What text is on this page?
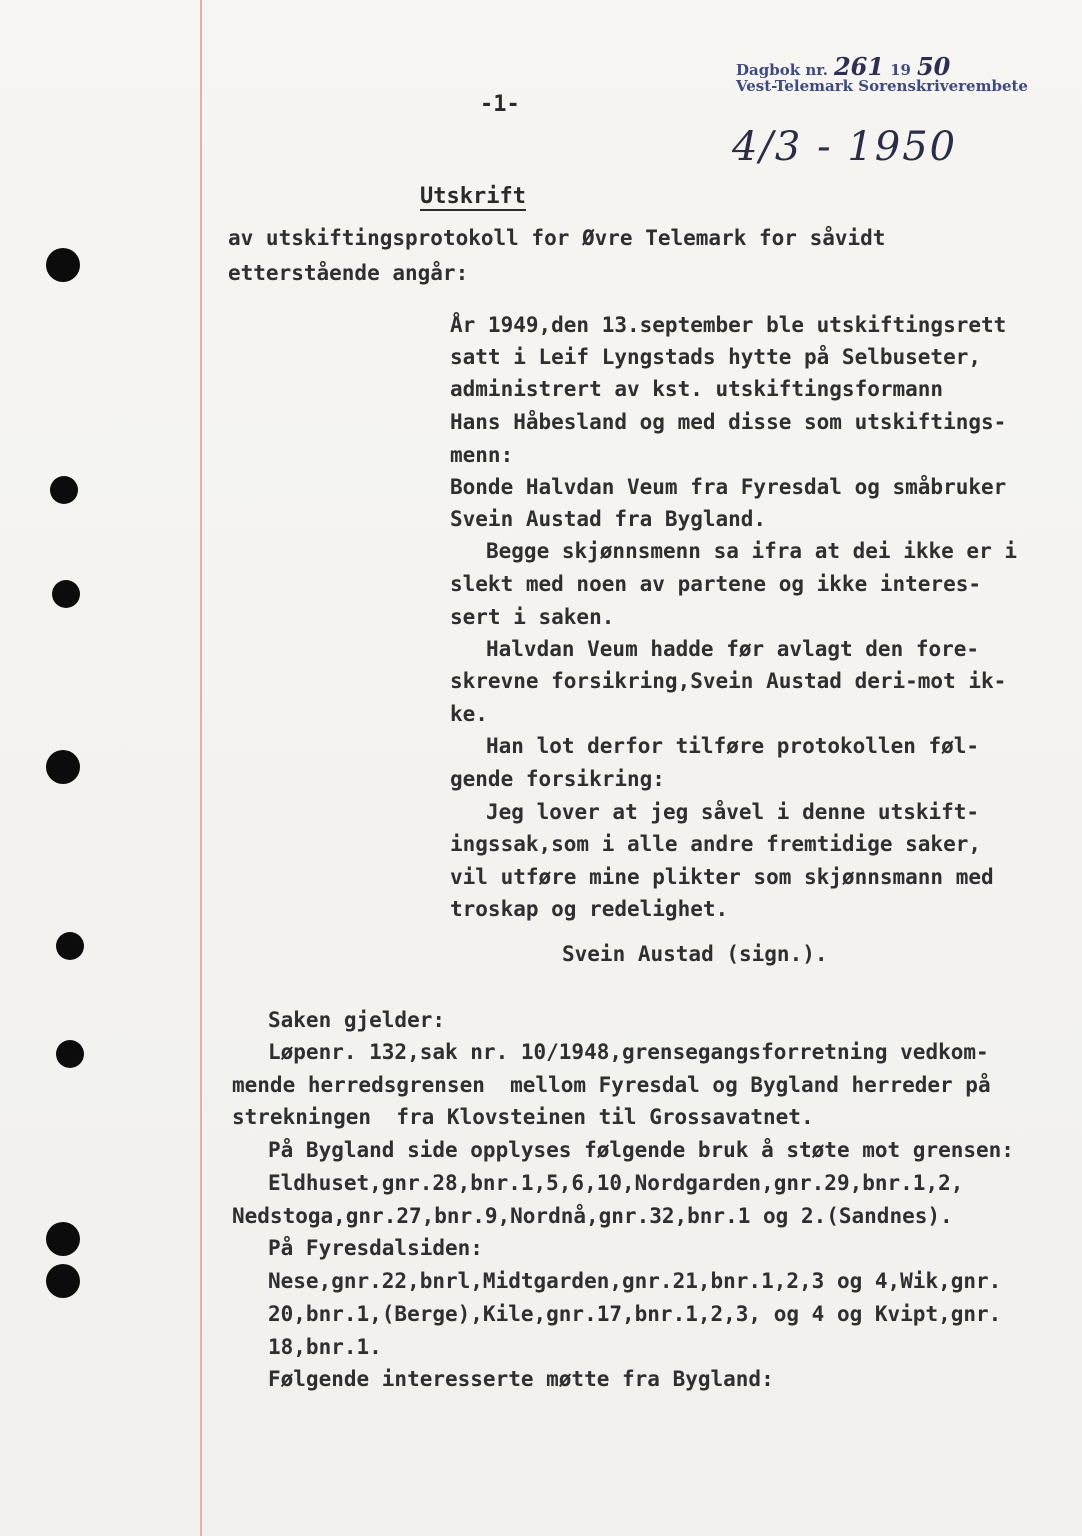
Dagbok nr. 261 19 50
Vest-Telemark Sorenskriverembete
4/3 - 1950
-1-
Utskrift
av utskiftingsprotokoll for Øvre Telemark for såvidt
etterstående angår:
År 1949,den 13.september ble utskiftingsrett
satt i Leif Lyngstads hytte på Selbuseter,
administrert av kst. utskiftingsformann
Hans Håbesland og med disse som utskiftings-
menn:
Bonde Halvdan Veum fra Fyresdal og småbruker
Svein Austad fra Bygland.
Begge skjønnsmenn sa ifra at dei ikke er i
slekt med noen av partene og ikke interes-
sert i saken.
Halvdan Veum hadde før avlagt den fore-
skrevne forsikring,Svein Austad deri-mot ik-
ke.
Han lot derfor tilføre protokollen føl-
gende forsikring:
Jeg lover at jeg såvel i denne utskift-
ingssak,som i alle andre fremtidige saker,
vil utføre mine plikter som skjønnsmann med
troskap og redelighet.
Svein Austad (sign.).
Saken gjelder:
Løpenr. 132,sak nr. 10/1948,grensegangsforretning vedkom-
mende herredsgrensen  mellom Fyresdal og Bygland herreder på
strekningen  fra Klovsteinen til Grossavatnet.
På Bygland side opplyses følgende bruk å støte mot grensen:
Eldhuset,gnr.28,bnr.1,5,6,10,Nordgarden,gnr.29,bnr.1,2,
Nedstoga,gnr.27,bnr.9,Nordnå,gnr.32,bnr.1 og 2.(Sandnes).
På Fyresdalsiden:
Nese,gnr.22,bnrl,Midtgarden,gnr.21,bnr.1,2,3 og 4,Wik,gnr.
20,bnr.1,(Berge),Kile,gnr.17,bnr.1,2,3, og 4 og Kvipt,gnr.
18,bnr.1.
Følgende interesserte møtte fra Bygland:
